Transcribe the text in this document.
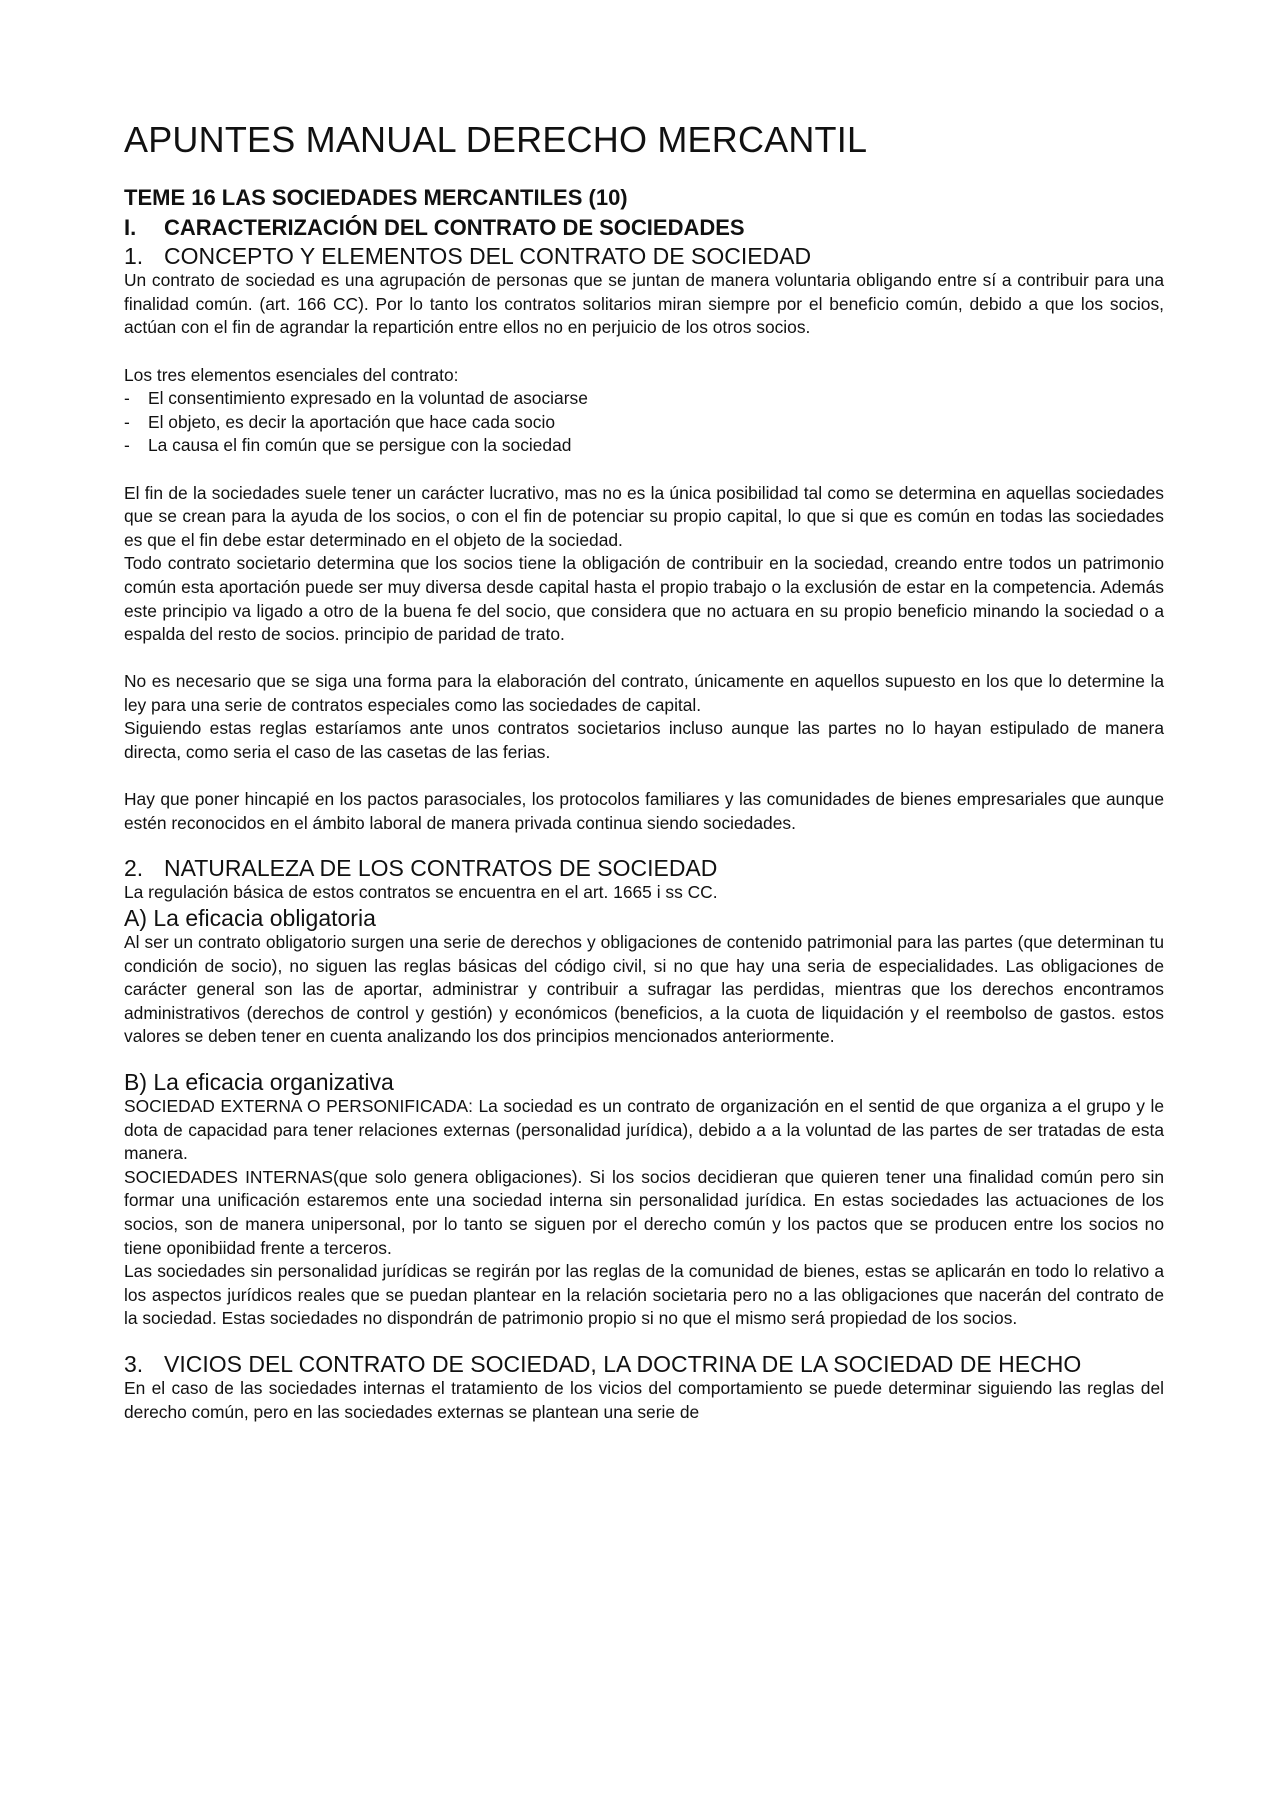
APUNTES MANUAL DERECHO MERCANTIL
TEME 16 LAS SOCIEDADES MERCANTILES (10)
I.	CARACTERIZACIÓN DEL CONTRATO DE SOCIEDADES
1. CONCEPTO Y ELEMENTOS DEL CONTRATO DE SOCIEDAD

Un contrato de sociedad es una agrupación de personas que se juntan de manera voluntaria obligando entre sí a contribuir para una finalidad común. (art. 166 CC). Por lo tanto los contratos solitarios miran siempre por el beneficio común, debido a que los socios, actúan con el fin de agrandar la repartición entre ellos no en perjuicio de los otros socios.

Los tres elementos esenciales del contrato:

-	El consentimiento expresado en la voluntad de asociarse
-	El objeto, es decir la aportación que hace cada socio
-	La causa el fin común que se persigue con la sociedad

El fin de la sociedades suele tener un carácter lucrativo, mas no es la única posibilidad tal como se determina en aquellas sociedades que se crean para la ayuda de los socios, o con el fin de potenciar su propio capital, lo que si que es común en todas las sociedades es que el fin debe estar determinado en el objeto de la sociedad.

Todo contrato societario determina que los socios tiene la obligación de contribuir en la sociedad, creando entre todos un patrimonio común esta aportación puede ser muy diversa desde capital hasta el propio trabajo o la exclusión de estar en la competencia. Además este principio va ligado a otro de la buena fe del socio, que considera que no actuara en su propio beneficio minando la sociedad o a espalda del resto de socios. principio de paridad de trato.

No es necesario que se siga una forma para la elaboración del contrato, únicamente en aquellos supuesto en los que lo determine la ley para una serie de contratos especiales como las sociedades de capital.

Siguiendo estas reglas estaríamos ante unos contratos societarios incluso aunque las partes no lo hayan estipulado de manera directa, como seria el caso de las casetas de las ferias.

Hay que poner hincapié en los pactos parasociales, los protocolos familiares y las comunidades de bienes empresariales que aunque estén reconocidos en el ámbito laboral de manera privada continua siendo sociedades.

2. NATURALEZA DE LOS CONTRATOS DE SOCIEDAD

La regulación básica de estos contratos se encuentra en el art. 1665 i ss CC.

A) La eficacia obligatoria

Al ser un contrato obligatorio surgen una serie de derechos y obligaciones de contenido patrimonial para las partes (que determinan tu condición de socio), no siguen las reglas básicas del código civil, si no que hay una seria de especialidades. Las obligaciones de carácter general son las de aportar, administrar y contribuir a sufragar las perdidas, mientras que los derechos encontramos administrativos (derechos de control y gestión) y económicos (beneficios, a la cuota de liquidación y el reembolso de gastos. estos valores se deben tener en cuenta analizando los dos principios mencionados anteriormente.

B) La eficacia organizativa

SOCIEDAD EXTERNA O PERSONIFICADA: La sociedad es un contrato de organización en el sentid de que organiza a el grupo y le dota de capacidad para tener relaciones externas (personalidad jurídica), debido a a la voluntad de las partes de ser tratadas de esta manera.

SOCIEDADES INTERNAS(que solo genera obligaciones). Si los socios decidieran que quieren tener una finalidad común pero sin formar una unificación estaremos ente una sociedad interna sin personalidad jurídica. En estas sociedades las actuaciones de los socios, son de manera unipersonal, por lo tanto se siguen por el derecho común y los pactos que se producen entre los socios no tiene oponibiidad frente a terceros.

Las sociedades sin personalidad jurídicas se regirán por las reglas de la comunidad de bienes, estas se aplicarán en todo lo relativo a los aspectos jurídicos reales que se puedan plantear en la relación societaria pero no a las obligaciones que nacerán del contrato de la sociedad. Estas sociedades no dispondrán de patrimonio propio si no que el mismo será propiedad de los socios.

3. VICIOS DEL CONTRATO DE SOCIEDAD, LA DOCTRINA DE LA SOCIEDAD DE HECHO

En el caso de las sociedades internas el tratamiento de los vicios del comportamiento se puede determinar siguiendo las reglas del derecho común, pero en las sociedades externas se plantean una serie de
